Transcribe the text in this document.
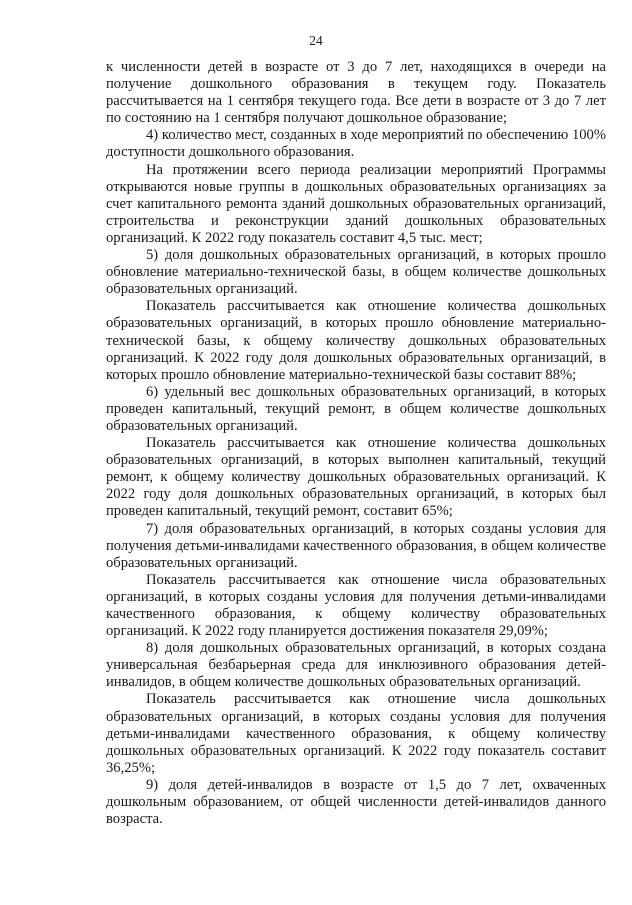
24

к численности детей в возрасте от 3 до 7 лет, находящихся в очереди на получение дошкольного образования в текущем году. Показатель рассчитывается на 1 сентября текущего года. Все дети в возрасте от 3 до 7 лет по состоянию на 1 сентября получают дошкольное образование;

4) количество мест, созданных в ходе мероприятий по обеспечению 100% доступности дошкольного образования.

На протяжении всего периода реализации мероприятий Программы открываются новые группы в дошкольных образовательных организациях за счет капитального ремонта зданий дошкольных образовательных организаций, строительства и реконструкции зданий дошкольных образовательных организаций. К 2022 году показатель составит 4,5 тыс. мест;

5) доля дошкольных образовательных организаций, в которых прошло обновление материально-технической базы, в общем количестве дошкольных образовательных организаций.

Показатель рассчитывается как отношение количества дошкольных образовательных организаций, в которых прошло обновление материально-технической базы, к общему количеству дошкольных образовательных организаций. К 2022 году доля дошкольных образовательных организаций, в которых прошло обновление материально-технической базы составит 88%;

6) удельный вес дошкольных образовательных организаций, в которых проведен капитальный, текущий ремонт, в общем количестве дошкольных образовательных организаций.

Показатель рассчитывается как отношение количества дошкольных образовательных организаций, в которых выполнен капитальный, текущий ремонт, к общему количеству дошкольных образовательных организаций. К 2022 году доля дошкольных образовательных организаций, в которых был проведен капитальный, текущий ремонт, составит 65%;

7) доля образовательных организаций, в которых созданы условия для получения детьми-инвалидами качественного образования, в общем количестве образовательных организаций.

Показатель рассчитывается как отношение числа образовательных организаций, в которых созданы условия для получения детьми-инвалидами качественного образования, к общему количеству образовательных организаций. К 2022 году планируется достижения показателя 29,09%;

8) доля дошкольных образовательных организаций, в которых создана универсальная безбарьерная среда для инклюзивного образования детей-инвалидов, в общем количестве дошкольных образовательных организаций.

Показатель рассчитывается как отношение числа дошкольных образовательных организаций, в которых созданы условия для получения детьми-инвалидами качественного образования, к общему количеству дошкольных образовательных организаций. К 2022 году показатель составит 36,25%;

9) доля детей-инвалидов в возрасте от 1,5 до 7 лет, охваченных дошкольным образованием, от общей численности детей-инвалидов данного возраста.
